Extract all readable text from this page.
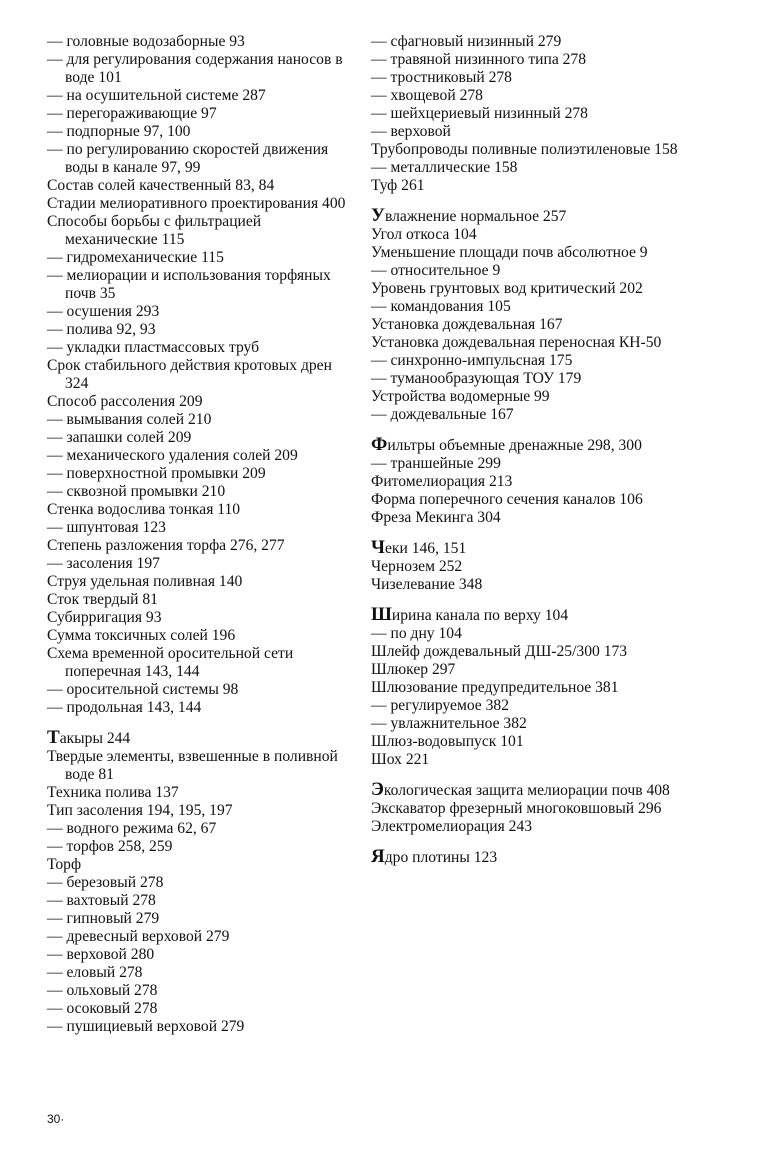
— головные водозаборные 93
— для регулирования содержания наносов в воде 101
— на осушительной системе 287
— перегораживающие 97
— подпорные 97, 100
— по регулированию скоростей движения воды в канале 97, 99
Состав солей качественный 83, 84
Стадии мелиоративного проектирования 400
Способы борьбы с фильтрацией механические 115
— гидромеханические 115
— мелиорации и использования торфяных почв 35
— осушения 293
— полива 92, 93
— укладки пластмассовых труб
Срок стабильного действия кротовых дрен 324
Способ рассоления 209
— вымывания солей 210
— запашки солей 209
— механического удаления солей 209
— поверхностной промывки 209
— сквозной промывки 210
Стенка водослива тонкая 110
— шпунтовая 123
Степень разложения торфа 276, 277
— засоления 197
Струя удельная поливная 140
Сток твердый 81
Субирригация 93
Сумма токсичных солей 196
Схема временной оросительной сети поперечная 143, 144
— оросительной системы 98
— продольная 143, 144
Такыры 244
Твердые элементы, взвешенные в поливной воде 81
Техника полива 137
Тип засоления 194, 195, 197
— водного режима 62, 67
— торфов 258, 259
Торф
— березовый 278
— вахтовый 278
— гипновый 279
— древесный верховой 279
— верховой 280
— еловый 278
— ольховый 278
— осоковый 278
— пушициевый верховой 279
— сфагновый низинный 279
— травяной низинного типа 278
— тростниковый 278
— хвощевой 278
— шейхцериевый низинный 278
— верховой
Трубопроводы поливные полиэтиленовые 158
— металлические 158
Туф 261
Увлажнение нормальное 257
Угол откоса 104
Уменьшение площади почв абсолютное 9
— относительное 9
Уровень грунтовых вод критический 202
— командования 105
Установка дождевальная 167
Установка дождевальная переносная КН-50
— синхронно-импульсная 175
— туманообразующая ТОУ 179
Устройства водомерные 99
— дождевальные 167
Фильтры объемные дренажные 298, 300
— траншейные 299
Фитомелиорация 213
Форма поперечного сечения каналов 106
Фреза Мекинга 304
Чеки 146, 151
Чернозем 252
Чизелевание 348
Ширина канала по верху 104
— по дну 104
Шлейф дождевальный ДШ-25/300 173
Шлюкер 297
Шлюзование предупредительное 381
— регулируемое 382
— увлажнительное 382
Шлюз-водовыпуск 101
Шох 221
Экологическая защита мелиорации почв 408
Экскаватор фрезерный многоковшовый 296
Электромелиорация 243
Ядро плотины 123
30·
